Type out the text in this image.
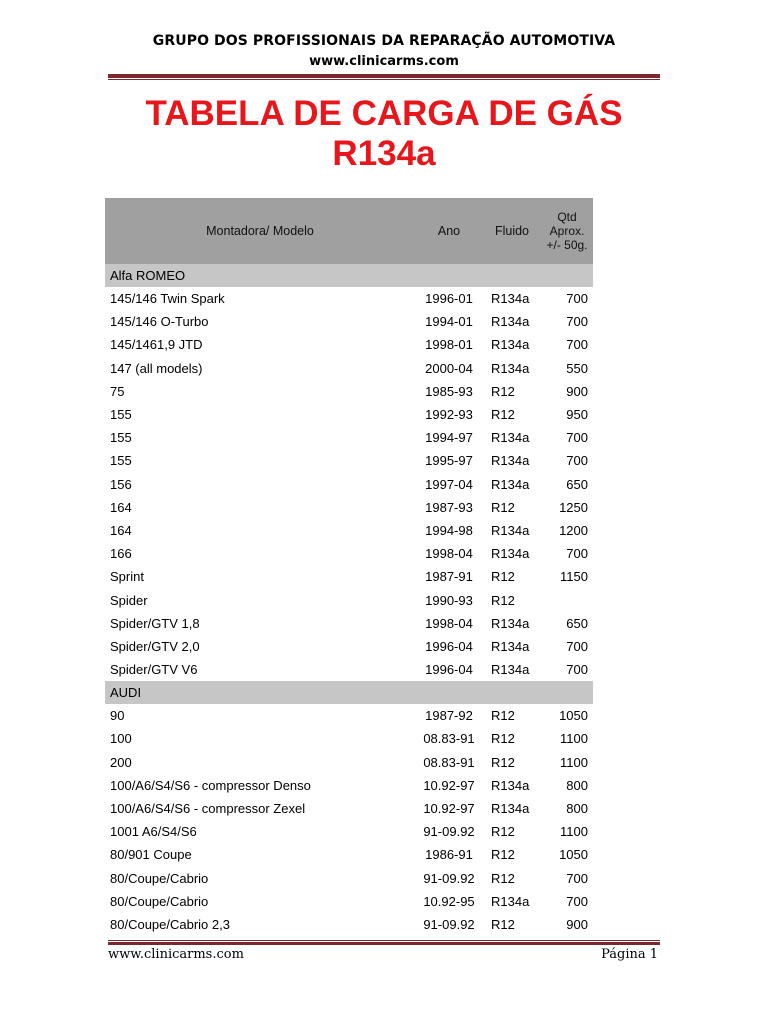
GRUPO DOS PROFISSIONAIS DA REPARAÇÃO AUTOMOTIVA
www.clinicarms.com
TABELA DE CARGA DE GÁS
R134a
Montadora/ Modelo	Ano	Fluido	Qtd Aprox. +/- 50g.
Alfa ROMEO			
145/146 Twin Spark	1996-01	R134a	700
145/146 O-Turbo	1994-01	R134a	700
145/1461,9 JTD	1998-01	R134a	700
147 (all models)	2000-04	R134a	550
75	1985-93	R12	900
155	1992-93	R12	950
155	1994-97	R134a	700
155	1995-97	R134a	700
156	1997-04	R134a	650
164	1987-93	R12	1250
164	1994-98	R134a	1200
166	1998-04	R134a	700
Sprint	1987-91	R12	1150
Spider	1990-93	R12	
Spider/GTV 1,8	1998-04	R134a	650
Spider/GTV 2,0	1996-04	R134a	700
Spider/GTV V6	1996-04	R134a	700
AUDI			
90	1987-92	R12	1050
100	08.83-91	R12	1100
200	08.83-91	R12	1100
100/A6/S4/S6 - compressor Denso	10.92-97	R134a	800
100/A6/S4/S6 - compressor Zexel	10.92-97	R134a	800
1001 A6/S4/S6	91-09.92	R12	1100
80/901 Coupe	1986-91	R12	1050
80/Coupe/Cabrio	91-09.92	R12	700
80/Coupe/Cabrio	10.92-95	R134a	700
80/Coupe/Cabrio 2,3	91-09.92	R12	900
www.clinicarms.com	Página 1
